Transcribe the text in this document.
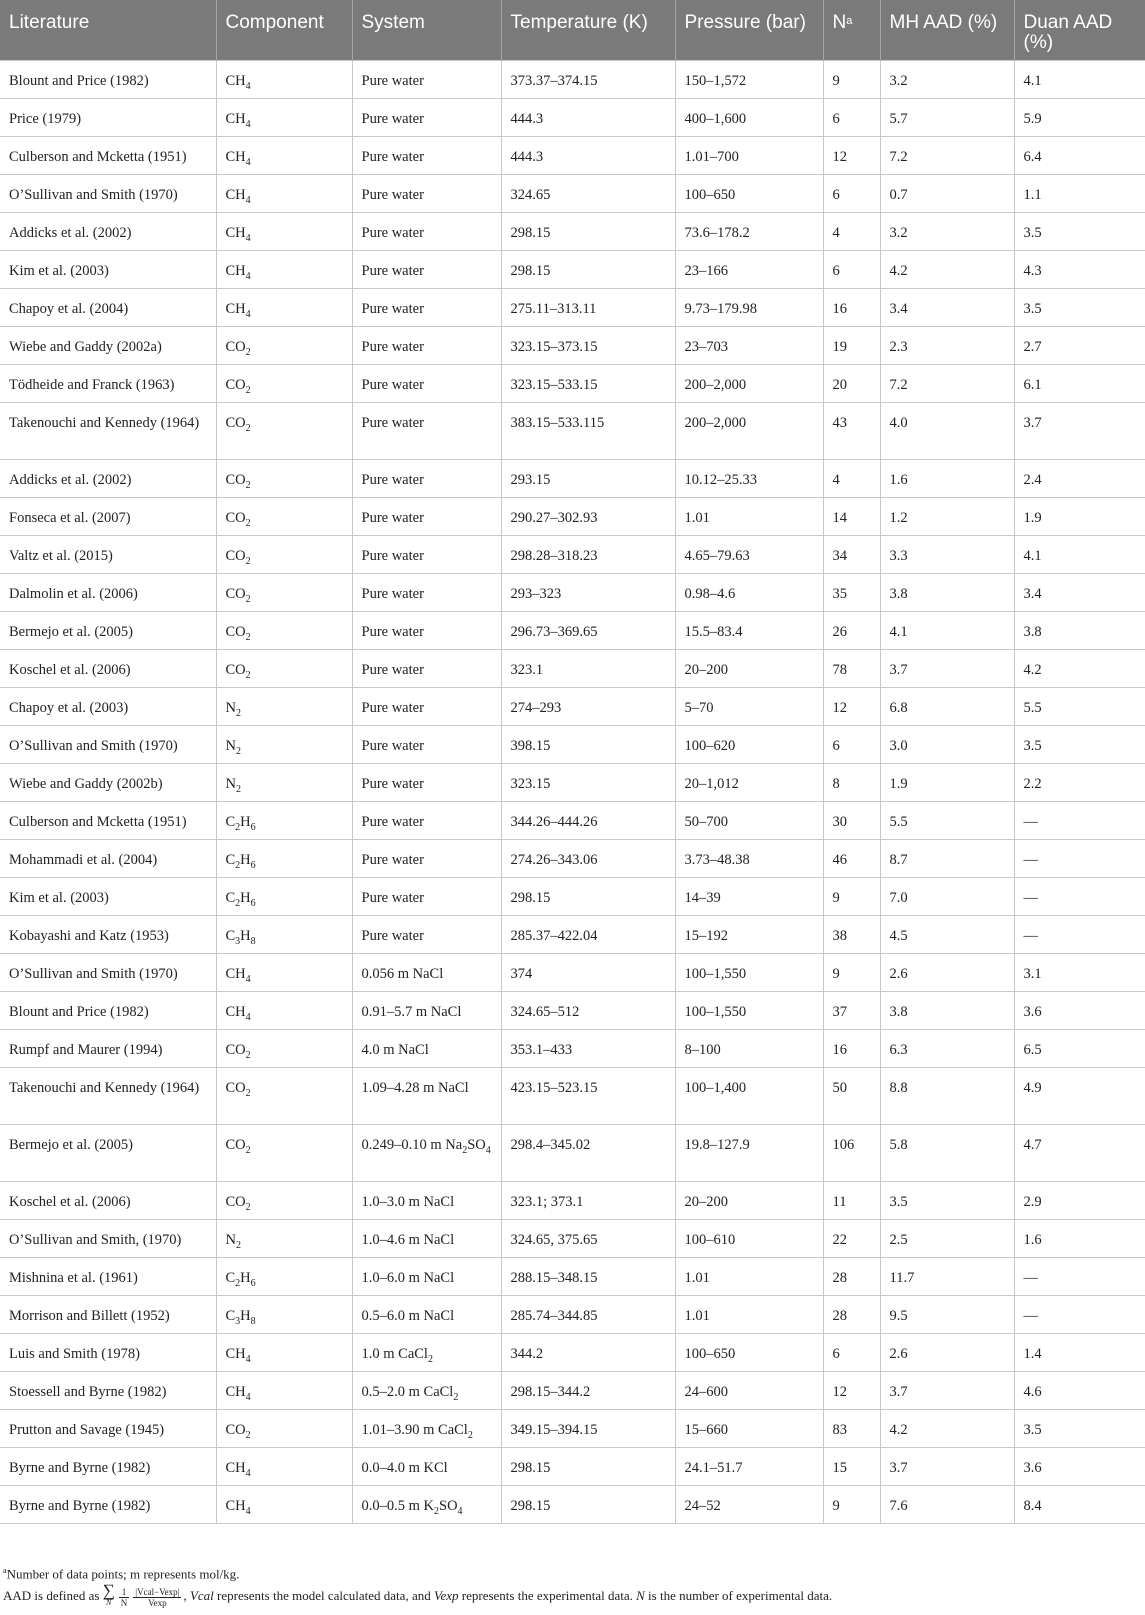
Literature	Component	System	Temperature (K)	Pressure (bar)	$N^a$	MH AAD (%)	Duan AAD (%)
Blount and Price (1982)	$CH_4$	Pure water	373.37–374.15	150–1,572	9	3.2	4.1
Price (1979)	$CH_4$	Pure water	444.3	400–1,600	6	5.7	5.9
Culberson and Mcketta (1951)	$CH_4$	Pure water	444.3	1.01–700	12	7.2	6.4
O’Sullivan and Smith (1970)	$CH_4$	Pure water	324.65	100–650	6	0.7	1.1
Addicks et al. (2002)	$CH_4$	Pure water	298.15	73.6–178.2	4	3.2	3.5
Kim et al. (2003)	$CH_4$	Pure water	298.15	23–166	6	4.2	4.3
Chapoy et al. (2004)	$CH_4$	Pure water	275.11–313.11	9.73–179.98	16	3.4	3.5
Wiebe and Gaddy (2002a)	$CO_2$	Pure water	323.15–373.15	23–703	19	2.3	2.7
Tödheide and Franck (1963)	$CO_2$	Pure water	323.15–533.15	200–2,000	20	7.2	6.1
Takenouchi and Kennedy (1964)	$CO_2$	Pure water	383.15–533.115	200–2,000	43	4.0	3.7
Addicks et al. (2002)	$CO_2$	Pure water	293.15	10.12–25.33	4	1.6	2.4
Fonseca et al. (2007)	$CO_2$	Pure water	290.27–302.93	1.01	14	1.2	1.9
Valtz et al. (2015)	$CO_2$	Pure water	298.28–318.23	4.65–79.63	34	3.3	4.1
Dalmolin et al. (2006)	$CO_2$	Pure water	293–323	0.98–4.6	35	3.8	3.4
Bermejo et al. (2005)	$CO_2$	Pure water	296.73–369.65	15.5–83.4	26	4.1	3.8
Koschel et al. (2006)	$CO_2$	Pure water	323.1	20–200	78	3.7	4.2
Chapoy et al. (2003)	$N_2$	Pure water	274–293	5–70	12	6.8	5.5
O’Sullivan and Smith (1970)	$N_2$	Pure water	398.15	100–620	6	3.0	3.5
Wiebe and Gaddy (2002b)	$N_2$	Pure water	323.15	20–1,012	8	1.9	2.2
Culberson and Mcketta (1951)	$C_2H_6$	Pure water	344.26–444.26	50–700	30	5.5	—
Mohammadi et al. (2004)	$C_2H_6$	Pure water	274.26–343.06	3.73–48.38	46	8.7	—
Kim et al. (2003)	$C_2H_6$	Pure water	298.15	14–39	9	7.0	—
Kobayashi and Katz (1953)	$C_3H_8$	Pure water	285.37–422.04	15–192	38	4.5	—
O’Sullivan and Smith (1970)	$CH_4$	0.056 m NaCl	374	100–1,550	9	2.6	3.1
Blount and Price (1982)	$CH_4$	0.91–5.7 m NaCl	324.65–512	100–1,550	37	3.8	3.6
Rumpf and Maurer (1994)	$CO_2$	4.0 m NaCl	353.1–433	8–100	16	6.3	6.5
Takenouchi and Kennedy (1964)	$CO_2$	1.09–4.28 m NaCl	423.15–523.15	100–1,400	50	8.8	4.9
Bermejo et al. (2005)	$CO_2$	0.249–0.10 m $Na_2SO_4$	298.4–345.02	19.8–127.9	106	5.8	4.7
Koschel et al. (2006)	$CO_2$	1.0–3.0 m NaCl	323.1; 373.1	20–200	11	3.5	2.9
O’Sullivan and Smith, (1970)	$N_2$	1.0–4.6 m NaCl	324.65, 375.65	100–610	22	2.5	1.6
Mishnina et al. (1961)	$C_2H_6$	1.0–6.0 m NaCl	288.15–348.15	1.01	28	11.7	—
Morrison and Billett (1952)	$C_3H_8$	0.5–6.0 m NaCl	285.74–344.85	1.01	28	9.5	—
Luis and Smith (1978)	$CH_4$	1.0 m CaCl$_2$	344.2	100–650	6	2.6	1.4
Stoessell and Byrne (1982)	$CH_4$	0.5–2.0 m CaCl$_2$	298.15–344.2	24–600	12	3.7	4.6
Prutton and Savage (1945)	$CO_2$	1.01–3.90 m CaCl$_2$	349.15–394.15	15–660	83	4.2	3.5
Byrne and Byrne (1982)	$CH_4$	0.0–4.0 m KCl	298.15	24.1–51.7	15	3.7	3.6
Byrne and Byrne (1982)	$CH_4$	0.0–0.5 m $K_2SO_4$	298.15	24–52	9	7.6	8.4
$^a$Number of data points; m represents mol/kg.
AAD is defined as ∑
N $\frac{1}{N} \frac{\text{|Vcal−Vexp|}}{Vexp}$ , Vcal represents the model calculated data, and Vexp represents the experimental data. N is the number of experimental data.
